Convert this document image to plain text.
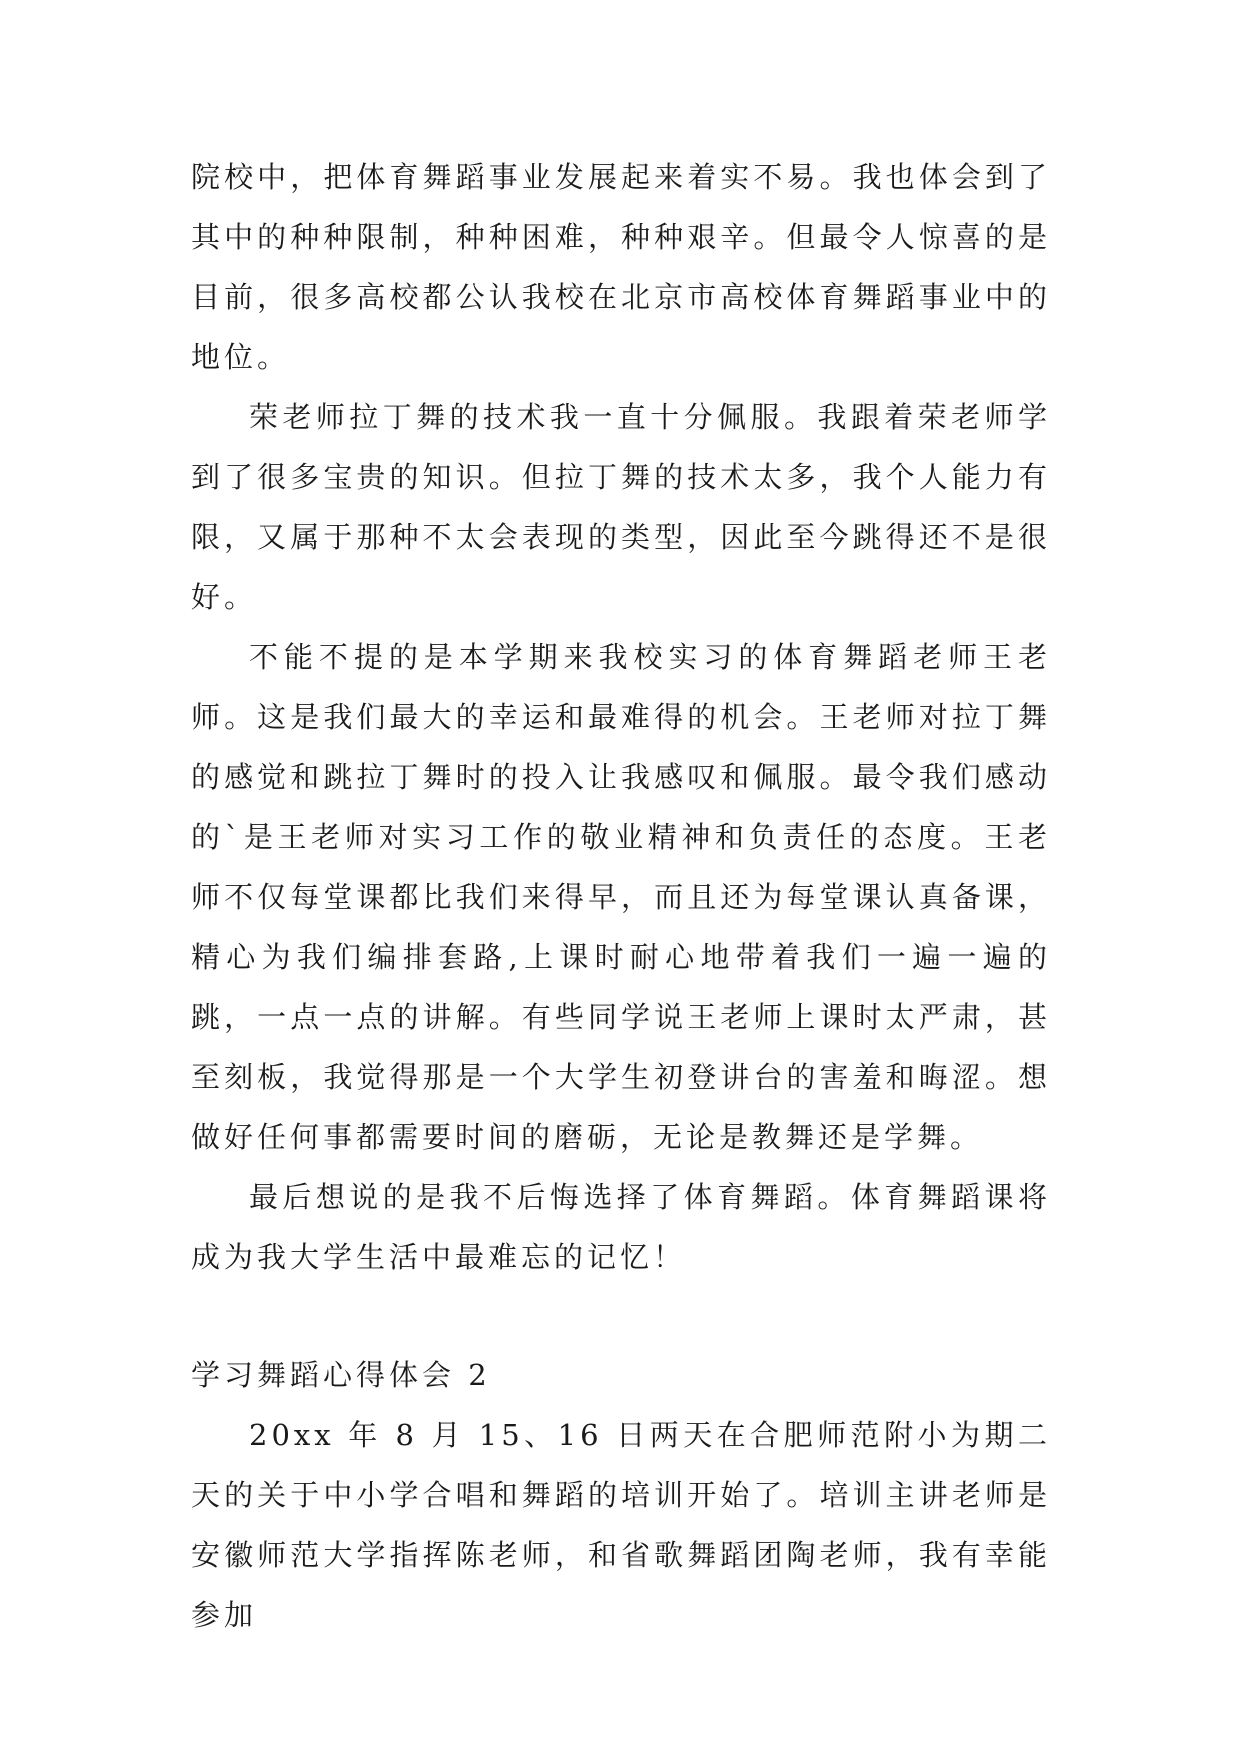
院校中，把体育舞蹈事业发展起来着实不易。我也体会到了其中的种种限制，种种困难，种种艰辛。但最令人惊喜的是目前，很多高校都公认我校在北京市高校体育舞蹈事业中的地位。

荣老师拉丁舞的技术我一直十分佩服。我跟着荣老师学到了很多宝贵的知识。但拉丁舞的技术太多，我个人能力有限，又属于那种不太会表现的类型，因此至今跳得还不是很好。

不能不提的是本学期来我校实习的体育舞蹈老师王老师。这是我们最大的幸运和最难得的机会。王老师对拉丁舞的感觉和跳拉丁舞时的投入让我感叹和佩服。最令我们感动的`是王老师对实习工作的敬业精神和负责任的态度。王老师不仅每堂课都比我们来得早，而且还为每堂课认真备课，精心为我们编排套路,上课时耐心地带着我们一遍一遍的跳，一点一点的讲解。有些同学说王老师上课时太严肃，甚至刻板，我觉得那是一个大学生初登讲台的害羞和晦涩。想做好任何事都需要时间的磨砺，无论是教舞还是学舞。

最后想说的是我不后悔选择了体育舞蹈。体育舞蹈课将成为我大学生活中最难忘的记忆！

学习舞蹈心得体会 2

20xx 年 8 月 15、16 日两天在合肥师范附小为期二天的关于中小学合唱和舞蹈的培训开始了。培训主讲老师是安徽师范大学指挥陈老师，和省歌舞蹈团陶老师，我有幸能参加
